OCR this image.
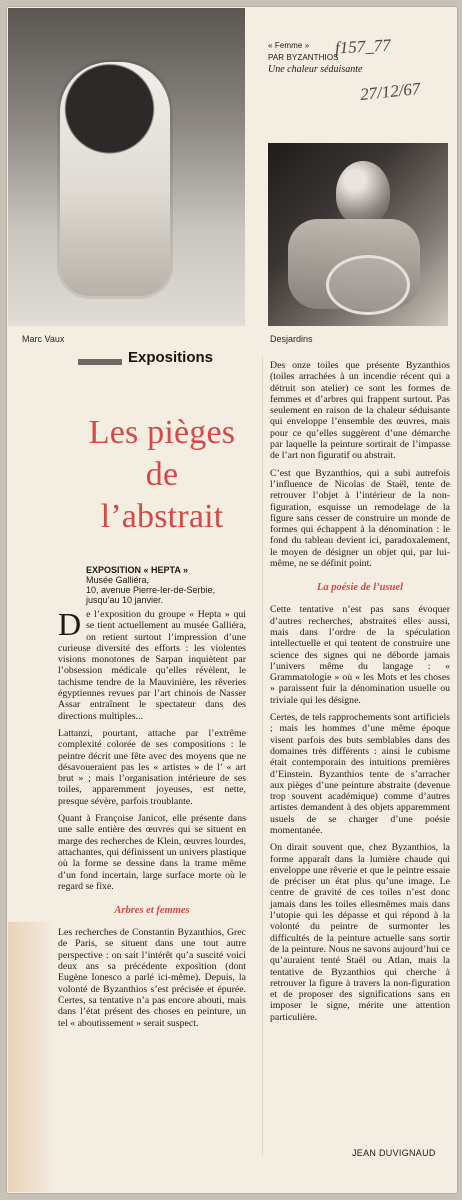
Marc Vaux	Desjardins
« Femme »
PAR BYZANTHIOS
Une chaleur séduisante
f157_77
27/12/67
Expositions
Les pièges
de
l’abstrait
EXPOSITION « HEPTA »
Musée Galliéra,
10, avenue Pierre-Ier-de-Serbie,
jusqu’au 10 janvier.
D e l’exposition du groupe « Hepta » qui se tient actuellement au musée Galliéra, on retient surtout l’impression d’une curieuse diversité des efforts : les violentes visions monotones de Sarpan inquiètent par l’obsession médicale qu’elles révèlent, le tachisme tendre de la Mauvinière, les rêveries égyptiennes revues par l’art chinois de Nasser Assar entraînent le spectateur dans des directions multiples...
Lattanzi, pourtant, attache par l’extrême complexité colorée de ses compositions : le peintre décrit une fête avec des moyens que ne désavoueraient pas les « artistes » de l’ « art brut » ; mais l’organisation intérieure de ses toiles, apparemment joyeuses, est nette, presque sévère, parfois troublante.
Quant à Françoise Janicot, elle présente dans une salle entière des œuvres qui se situent en marge des recherches de Klein, œuvres lourdes, attachantes, qui définissent un univers plastique où la forme se dessine dans la trame même d’un fond incertain, large surface morte où le regard se fixe.
Arbres et femmes
Les recherches de Constantin Byzanthios, Grec de Paris, se situent dans une tout autre perspective : on sait l’intérêt qu’a suscité voici deux ans sa précédente exposition (dont Eugène Ionesco a parlé ici-même). Depuis, la volonté de Byzanthios s’est précisée et épurée. Certes, sa tentative n’a pas encore abouti, mais dans l’état présent des choses en peinture, un tel « aboutissement » serait suspect.
Des onze toiles que présente Byzanthios (toiles arrachées à un incendie récent qui a détruit son atelier) ce sont les formes de femmes et d’arbres qui frappent surtout. Pas seulement en raison de la chaleur séduisante qui enveloppe l’ensemble des œuvres, mais pour ce qu’elles suggèrent d’une démarche par laquelle la peinture sortirait de l’impasse de l’art non figuratif ou abstrait.
C’est que Byzanthios, qui a subi autrefois l’influence de Nicolas de Staël, tente de retrouver l’objet à l’intérieur de la non-figuration, esquisse un remodelage de la figure sans cesser de construire un monde de formes qui échappent à la dénomination : le fond du tableau devient ici, paradoxalement, le moyen de désigner un objet qui, par lui-même, ne se définit point.
La poésie de l’usuel
Cette tentative n’est pas sans évoquer d’autres recherches, abstraites elles aussi, mais dans l’ordre de la spéculation intellectuelle et qui tentent de construire une science des signes qui ne déborde jamais l’univers même du langage : « Grammatologie » où « les Mots et les choses » paraissent fuir la dénomination usuelle ou triviale qui les désigne.
Certes, de tels rapprochements sont artificiels ; mais les hommes d’une même époque visent parfois des buts semblables dans des domaines très différents : ainsi le cubisme était contemporain des intuitions premières d’Einstein. Byzanthios tente de s’arracher aux pièges d’une peinture abstraite (devenue trop souvent académique) comme d’autres artistes demandent à des objets apparemment usuels de se charger d’une poésie momentanée.
On dirait souvent que, chez Byzanthios, la forme apparaît dans la lumière chaude qui enveloppe une rêverie et que le peintre essaie de préciser un état plus qu’une image. Le centre de gravité de ces toiles n’est donc jamais dans les toiles ellesmêmes mais dans l’utopie qui les dépasse et qui répond à la volonté du peintre de surmonter les difficultés de la peinture actuelle sans sortir de la peinture. Nous ne savons aujourd’hui ce qu’auraient tenté Staël ou Atlan, mais la tentative de Byzanthios qui cherche à retrouver la figure à travers la non-figuration et de proposer des significations sans en imposer le signe, mérite une attention particulière.
JEAN DUVIGNAUD
